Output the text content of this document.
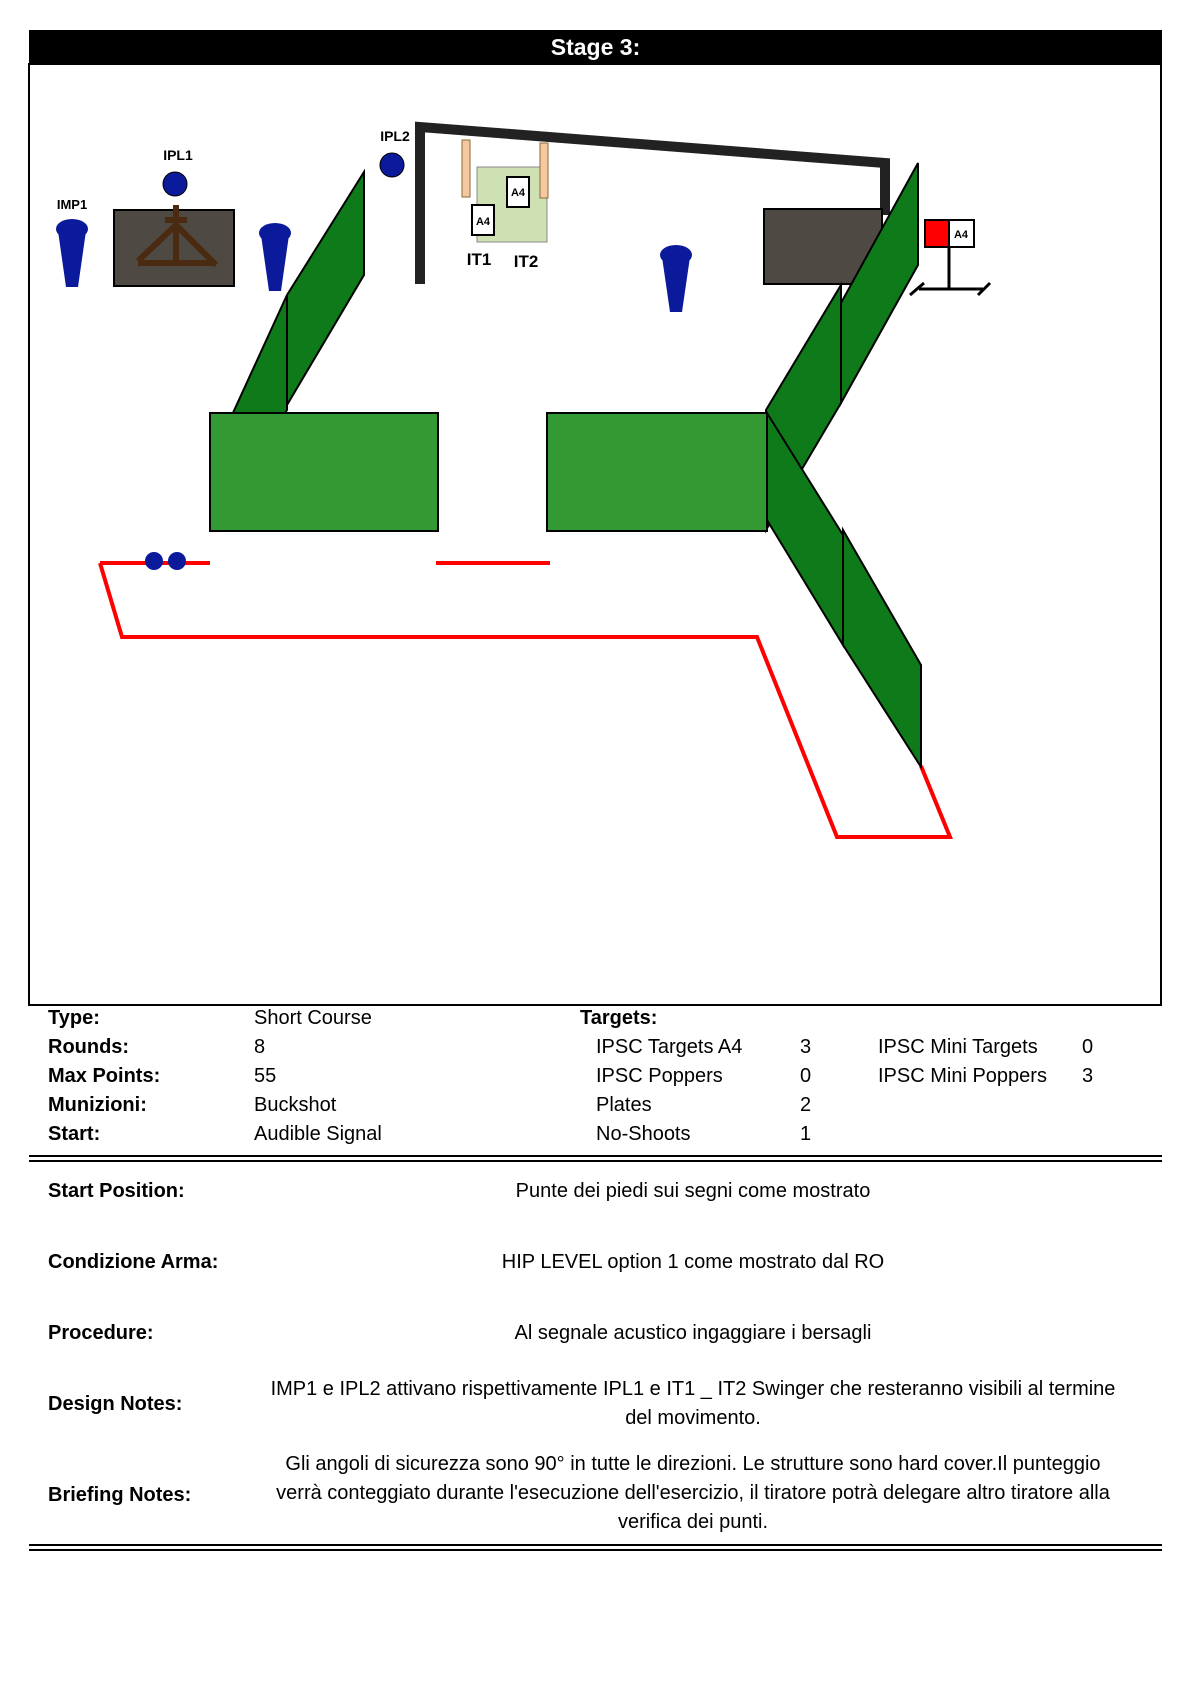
Stage 3:
A4
A4
IMP1
IPL1
IPL2
IT1 IT2
A4
Type:	Short Course
Rounds:	8
Max Points:	55
Munizioni:	Buckshot
Start:	Audible Signal
Targets:
IPSC Targets A4	3
IPSC Poppers	0
Plates	2
No-Shoots	1
IPSC Mini Targets 0
IPSC Mini Poppers 3
Start Position:	Punte dei piedi sui segni come mostrato
Condizione Arma:	HIP LEVEL option 1 come mostrato dal RO
Procedure:	Al segnale acustico ingaggiare i bersagli
Design Notes:
IMP1 e IPL2 attivano rispettivamente IPL1 e IT1 _ IT2 Swinger che resteranno visibili al termine
del movimento.
Briefing Notes:
Gli angoli di sicurezza sono 90° in tutte le direzioni. Le strutture sono hard cover.Il punteggio
verrà conteggiato durante l'esecuzione dell'esercizio, il tiratore potrà delegare altro tiratore alla
verifica dei punti.
